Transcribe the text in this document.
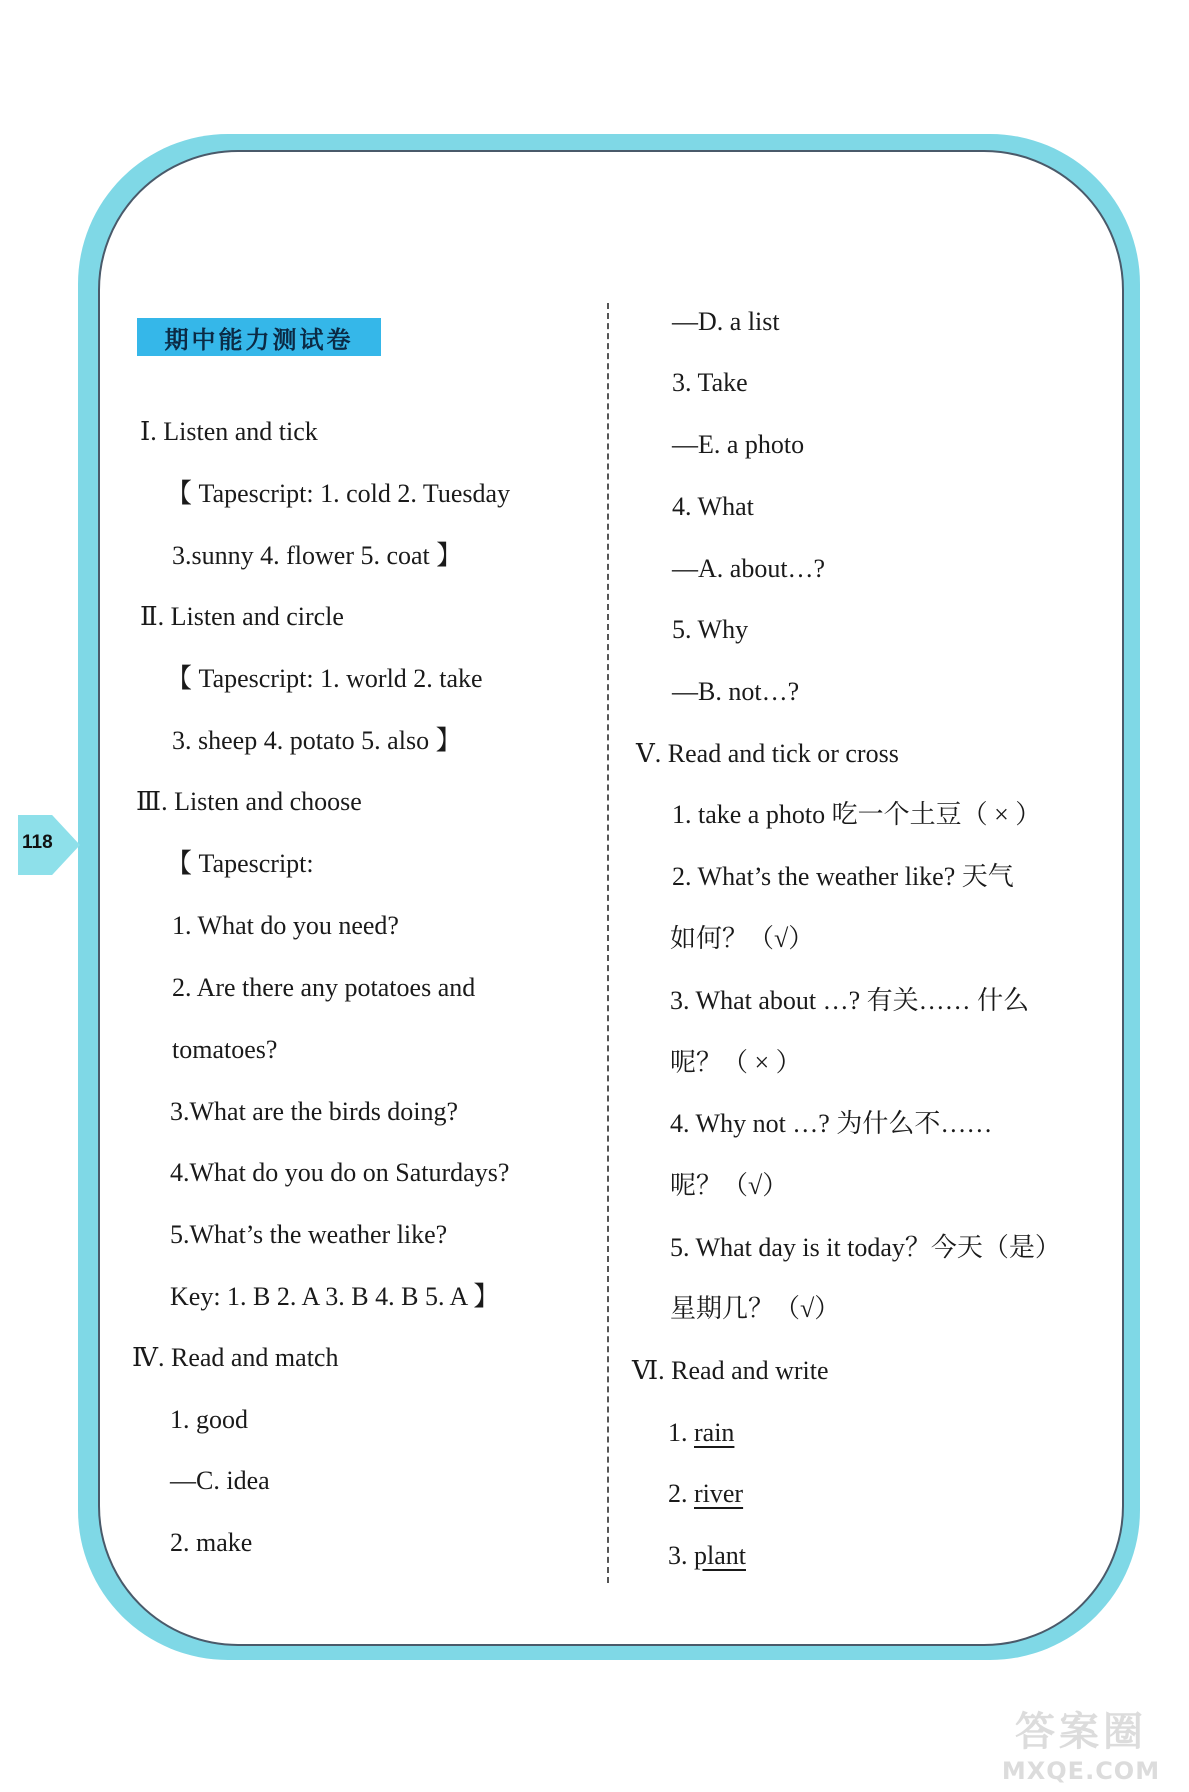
118
期中能力测试卷
Ⅰ. Listen and tick
【 Tapescript: 1. cold 2. Tuesday
3.sunny 4. flower 5. coat 】
Ⅱ. Listen and circle
【 Tapescript: 1. world 2. take
3. sheep 4. potato 5. also 】
Ⅲ. Listen and choose
【 Tapescript:
1. What do you need?
2. Are there any potatoes and
tomatoes?
3.What are the birds doing?
4.What do you do on Saturdays?
5.What’s the weather like?
Key: 1. B 2. A 3. B 4. B 5. A 】
Ⅳ. Read and match
1. good
—C. idea
2. make
—D. a list
3. Take
—E. a photo
4. What
—A. about…?
5. Why
—B. not…?
Ⅴ. Read and tick or cross
1. take a photo 吃一个土豆（ × ）
2. What’s the weather like? 天气
如何？（√）
3. What about …? 有关…… 什么
呢？（ × ）
4. Why not …? 为什么不……
呢？（√）
5. What day is it today？今天（是）
星期几？（√）
Ⅵ. Read and write
1. rain
2. river
3. plant
答案圈
MXQE.COM
